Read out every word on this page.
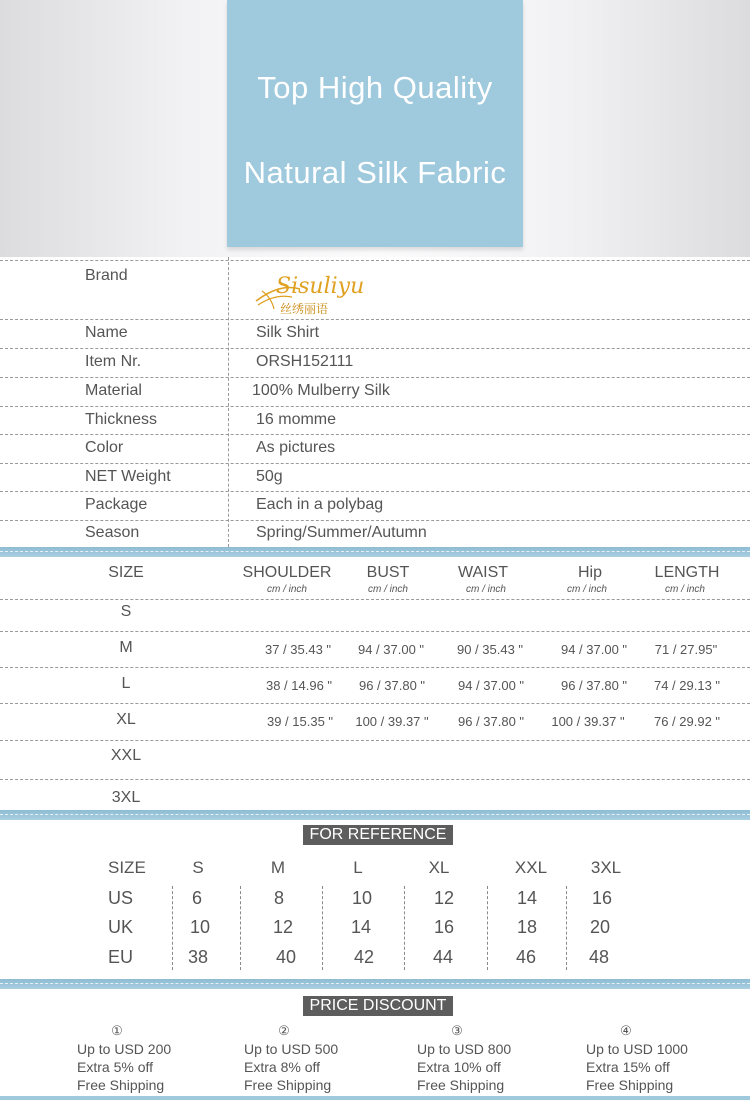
Top High Quality
Natural Silk Fabric
Brand	Sisuliyu
丝绣丽语
Name	Silk Shirt
Item Nr.	ORSH152111
Material	100% Mulberry Silk
Thickness	16 momme
Color	As pictures
NET Weight	50g
Package	Each in a polybag
Season	Spring/Summer/Autumn
SIZE	SHOULDER	BUST	WAIST	Hip	LENGTH
cm / inch	cm / inch	cm / inch	cm / inch	cm / inch
S
M	37 / 35.43 "	94 / 37.00 "	90 / 35.43 "	94 / 37.00 "	71 / 27.95"
L	38 / 14.96 "	96 / 37.80 "	94 / 37.00 "	96 / 37.80 "	74 / 29.13 "
XL	39 / 15.35 "	100 / 39.37 "	96 / 37.80 "	100 / 39.37 "	76 / 29.92 "
XXL
3XL
FOR REFERENCE
SIZE	S	M	L	XL	XXL	3XL
US	6	8	10	12	14	16
UK	10	12	14	16	18	20
EU	38	40	42	44	46	48
PRICE DISCOUNT
①
Up to USD 200
Extra 5% off
Free Shipping
②
Up to USD 500
Extra 8% off
Free Shipping
③
Up to USD 800
Extra 10% off
Free Shipping
④
Up to USD 1000
Extra 15% off
Free Shipping
